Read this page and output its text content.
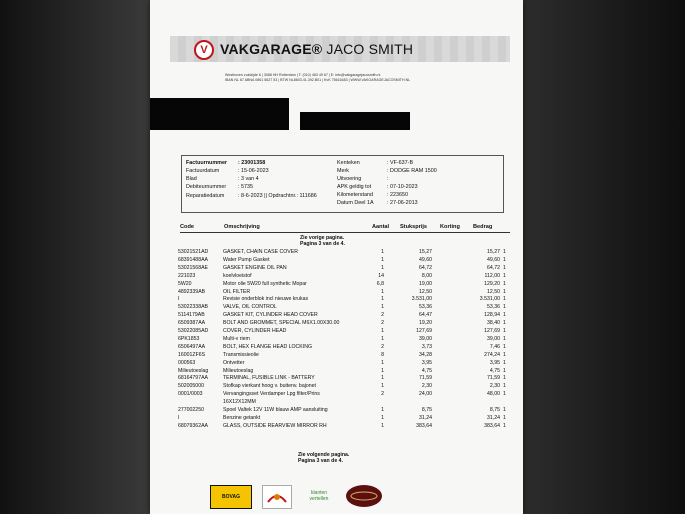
V VAKGARAGE® JACO SMITH
Westhoven zuidzijde 6 | 3088 HH Rotterdam | T: (010) 483 49 67 | E: info@vakgaragejacosmith.nl
IBAN NL 67 ABNA 0861 5627 53 | BTW NL8603.41.392.B01 | KvK 75616483 | WWW.VAKGARAGEJACOSMITH.NL
Factuurnummer : 23001358
Factuurdatum	: 15-06-2023
Blad	: 3 van 4
Debiteurnummer : 5735
Reparatiedatum	: 8-6-2023 || Opdrachtnr.: 111686
Kenteken	: VF-637-B
Merk	: DODGE RAM 1500
Uitvoering	:
APK geldig tot	: 07-10-2023
Kilometerstand	: 223650
Datum Deel 1A : 27-06-2013
Code	Omschrijving	Aantal Stuksprijs Korting Bedrag
Zie vorige pagina.
Pagina 3 van de 4.
53021521AD	GASKET, CHAIN CASE COVER	1	15,27	15,27 1
68391488AA	Water Pump Gasket	1	49,60	49,60 1
53021568AE	GASKET ENGINE OIL PAN	1	64,72	64,72 1
221023	koelvloeistof	14	8,00	112,00 1
5W20	Motor olie 5W20 full synthetic Mopar	6,8	19,00	129,20 1
4892339AB	OIL FILTER	1	12,50	12,50 1
I	Revisie onderblok incl nieuwe krukas	1	3.531,00	3.531,00 1
53022338AB	VALVE, OIL CONTROL	1	53,36	53,36 1
5114179AB	GASKET KIT, CYLINDER HEAD COVER	2	64,47	128,94 1
6509387AA	BOLT AND GROMMET, SPECIAL M6X1.00X30.00	2	19,20	38,40 1
53022085AD	COVER, CYLINDER HEAD	1	127,69	127,69 1
6PK1853	Multi-v riem	1	39,00	39,00 1
6506497AA	BOLT, HEX FLANGE HEAD LOCKING	2	3,73	7,46 1
16001ZF6S	Transmissieolie	8	34,28	274,24 1
000563	Ontvetter	1	3,95	3,95 1
Milieutoeslag	Milieutoeslag	1	4,75	4,75 1
68164797AA	TERMINAL, FUSIBLE LINK - BATTERY	1	71,59	71,59 1
502005000	Stofkap vierkant hoog v. buitenv. bajonet	1	2,30	2,30 1
0001/0003	Vervangingsset Verdamper Lpg filter/Prins	2	24,00	48,00 1
16X12X12MM
277002250	Spoel Valtek 12V 11W blauw AMP aansluiting	1	8,75	8,75 1
I	Benzine getankt	1	31,24	31,24 1
68079362AA	GLASS, OUTSIDE REARVIEW MIRROR RH	1	383,64	383,64 1
Zie volgende pagina.
Pagina 3 van de 4.
BOVAG
klanten
vertellen
